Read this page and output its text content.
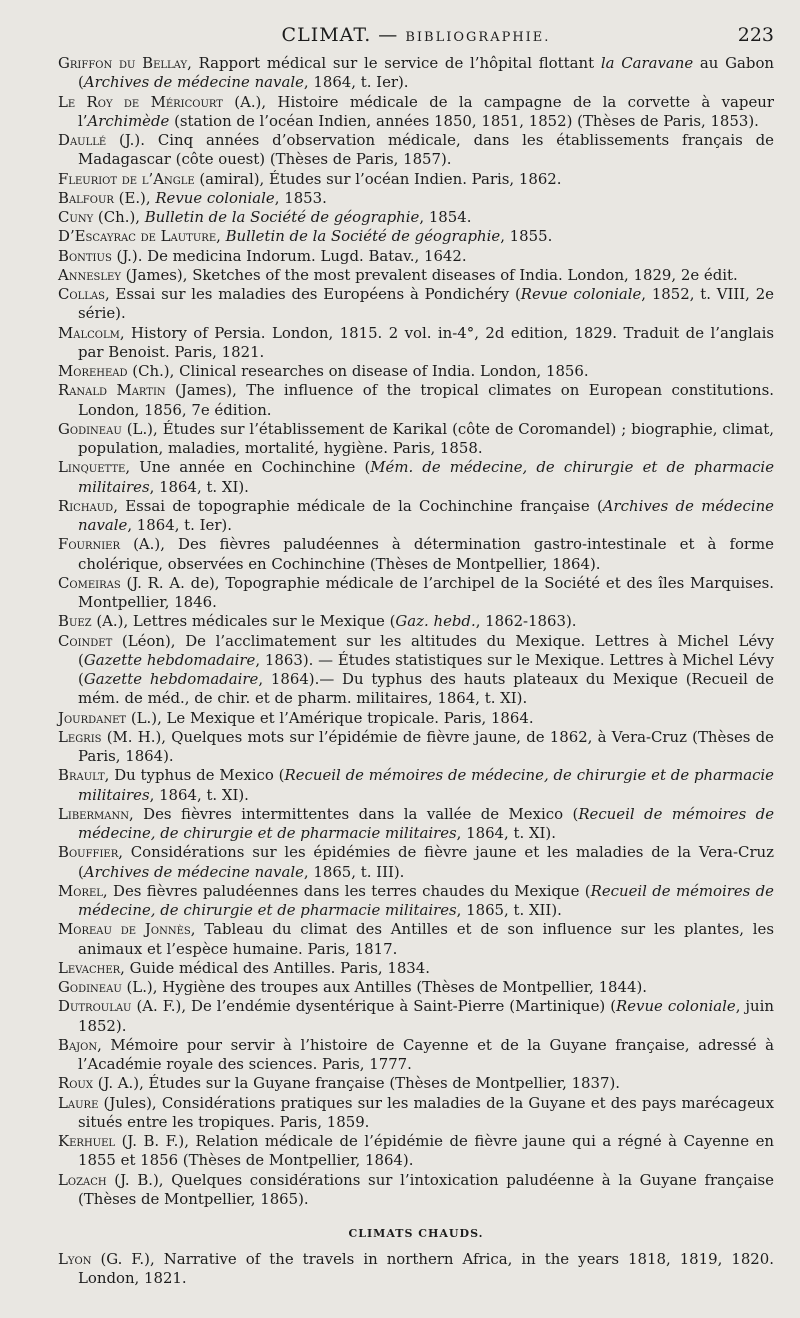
CLIMAT. — BIBLIOGRAPHIE.	223
Griffon du Bellay, Rapport médical sur le service de l’hôpital flottant la Caravane au Gabon (Archives de médecine navale, 1864, t. Ier).
Le Roy de Méricourt (A.), Histoire médicale de la campagne de la corvette à vapeur l’Archimède (station de l’océan Indien, années 1850, 1851, 1852) (Thèses de Paris, 1853).
Daullé (J.). Cinq années d’observation médicale, dans les établissements français de Madagascar (côte ouest) (Thèses de Paris, 1857).
Fleuriot de l’Angle (amiral), Études sur l’océan Indien. Paris, 1862.
Balfour (E.), Revue coloniale, 1853.
Cuny (Ch.), Bulletin de la Société de géographie, 1854.
D’Escayrac de Lauture, Bulletin de la Société de géographie, 1855.
Bontius (J.). De medicina Indorum. Lugd. Batav., 1642.
Annesley (James), Sketches of the most prevalent diseases of India. London, 1829, 2e édit.
Collas, Essai sur les maladies des Européens à Pondichéry (Revue coloniale, 1852, t. VIII, 2e série).
Malcolm, History of Persia. London, 1815. 2 vol. in-4°, 2d edition, 1829. Traduit de l’anglais par Benoist. Paris, 1821.
Morehead (Ch.), Clinical researches on disease of India. London, 1856.
Ranald Martin (James), The influence of the tropical climates on European constitutions. London, 1856, 7e édition.
Godineau (L.), Études sur l’établissement de Karikal (côte de Coromandel) ; biographie, climat, population, maladies, mortalité, hygiène. Paris, 1858.
Linquette, Une année en Cochinchine (Mém. de médecine, de chirurgie et de pharmacie militaires, 1864, t. XI).
Richaud, Essai de topographie médicale de la Cochinchine française (Archives de médecine navale, 1864, t. Ier).
Fournier (A.), Des fièvres paludéennes à détermination gastro-intestinale et à forme cholérique, observées en Cochinchine (Thèses de Montpellier, 1864).
Comeiras (J. R. A. de), Topographie médicale de l’archipel de la Société et des îles Marquises. Montpellier, 1846.
Buez (A.), Lettres médicales sur le Mexique (Gaz. hebd., 1862-1863).
Coindet (Léon), De l’acclimatement sur les altitudes du Mexique. Lettres à Michel Lévy (Gazette hebdomadaire, 1863). — Études statistiques sur le Mexique. Lettres à Michel Lévy (Gazette hebdomadaire, 1864).— Du typhus des hauts plateaux du Mexique (Recueil de mém. de méd., de chir. et de pharm. militaires, 1864, t. XI).
Jourdanet (L.), Le Mexique et l’Amérique tropicale. Paris, 1864.
Legris (M. H.), Quelques mots sur l’épidémie de fièvre jaune, de 1862, à Vera-Cruz (Thèses de Paris, 1864).
Brault, Du typhus de Mexico (Recueil de mémoires de médecine, de chirurgie et de pharmacie militaires, 1864, t. XI).
Libermann, Des fièvres intermittentes dans la vallée de Mexico (Recueil de mémoires de médecine, de chirurgie et de pharmacie militaires, 1864, t. XI).
Bouffier, Considérations sur les épidémies de fièvre jaune et les maladies de la Vera-Cruz (Archives de médecine navale, 1865, t. III).
Morel, Des fièvres paludéennes dans les terres chaudes du Mexique (Recueil de mémoires de médecine, de chirurgie et de pharmacie militaires, 1865, t. XII).
Moreau de Jonnès, Tableau du climat des Antilles et de son influence sur les plantes, les animaux et l’espèce humaine. Paris, 1817.
Levacher, Guide médical des Antilles. Paris, 1834.
Godineau (L.), Hygiène des troupes aux Antilles (Thèses de Montpellier, 1844).
Dutroulau (A. F.), De l’endémie dysentérique à Saint-Pierre (Martinique) (Revue coloniale, juin 1852).
Bajon, Mémoire pour servir à l’histoire de Cayenne et de la Guyane française, adressé à l’Académie royale des sciences. Paris, 1777.
Roux (J. A.), Études sur la Guyane française (Thèses de Montpellier, 1837).
Laure (Jules), Considérations pratiques sur les maladies de la Guyane et des pays marécageux situés entre les tropiques. Paris, 1859.
Kerhuel (J. B. F.), Relation médicale de l’épidémie de fièvre jaune qui a régné à Cayenne en 1855 et 1856 (Thèses de Montpellier, 1864).
Lozach (J. B.), Quelques considérations sur l’intoxication paludéenne à la Guyane française (Thèses de Montpellier, 1865).
CLIMATS CHAUDS.
Lyon (G. F.), Narrative of the travels in northern Africa, in the years 1818, 1819, 1820. London, 1821.
